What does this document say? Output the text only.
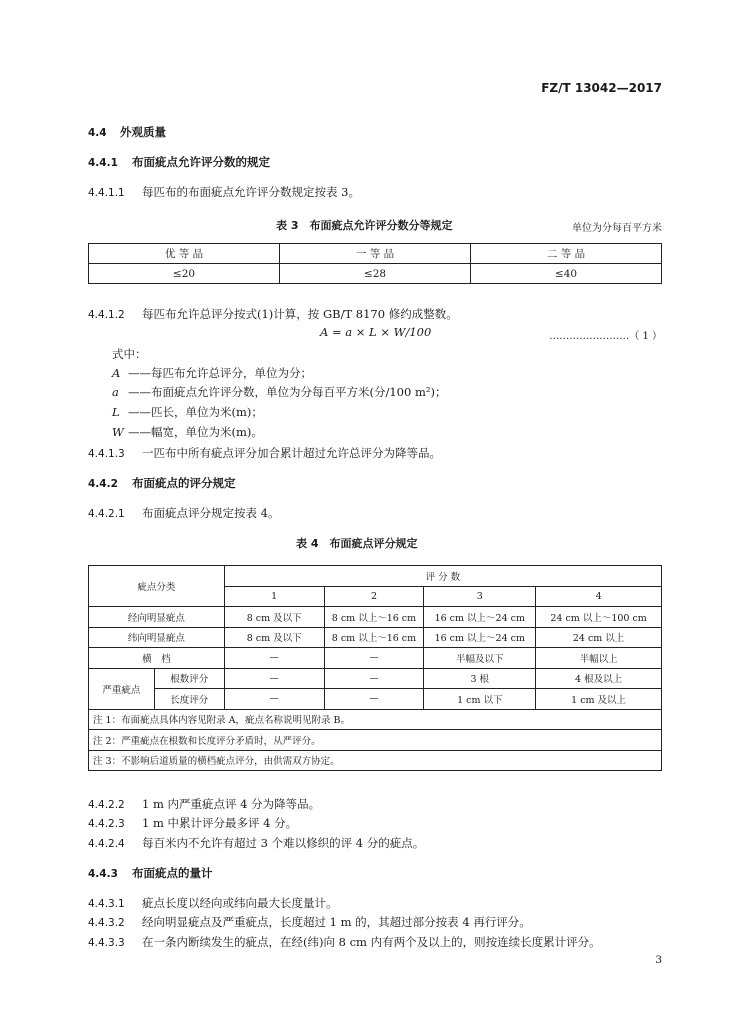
FZ/T 13042—2017
4.4 外观质量
4.4.1 布面疵点允许评分数的规定
4.4.1.1 每匹布的布面疵点允许评分数规定按表 3。
表 3　布面疵点允许评分数分等规定	单位为分每百平方米
优 等 品	一 等 品	二 等 品
≤20	≤28	≤40
4.4.1.2 每匹布允许总评分按式(1)计算，按 GB/T 8170 修约成整数。
A = a × L × W/100	……………………（ 1 ）
式中：
A ——每匹布允许总评分，单位为分；
a ——布面疵点允许评分数，单位为分每百平方米(分/100 m²)；
L ——匹长，单位为米(m)；
W ——幅宽，单位为米(m)。
4.4.1.3 一匹布中所有疵点评分加合累计超过允许总评分为降等品。
4.4.2 布面疵点的评分规定
4.4.2.1 布面疵点评分规定按表 4。
表 4　布面疵点评分规定
疵点分类		评 分 数			
		1	2	3	4
经向明显疵点		8 cm 及以下	8 cm 以上～16 cm	16 cm 以上～24 cm	24 cm 以上～100 cm
纬向明显疵点		8 cm 及以下	8 cm 以上～16 cm	16 cm 以上～24 cm	24 cm 以上
横　档		—	—	半幅及以下	半幅以上
严重疵点	根数评分	—	—	3 根	4 根及以上
	长度评分	—	—	1 cm 以下	1 cm 及以上
注 1：布面疵点具体内容见附录 A，疵点名称说明见附录 B。					
注 2：严重疵点在根数和长度评分矛盾时，从严评分。					
注 3：不影响后道质量的横档疵点评分，由供需双方协定。					
4.4.2.2 1 m 内严重疵点评 4 分为降等品。
4.4.2.3 1 m 中累计评分最多评 4 分。
4.4.2.4 每百米内不允许有超过 3 个难以修织的评 4 分的疵点。
4.4.3 布面疵点的量计
4.4.3.1 疵点长度以经向或纬向最大长度量计。
4.4.3.2 经向明显疵点及严重疵点，长度超过 1 m 的，其超过部分按表 4 再行评分。
4.4.3.3 在一条内断续发生的疵点，在经(纬)向 8 cm 内有两个及以上的，则按连续长度累计评分。
3
